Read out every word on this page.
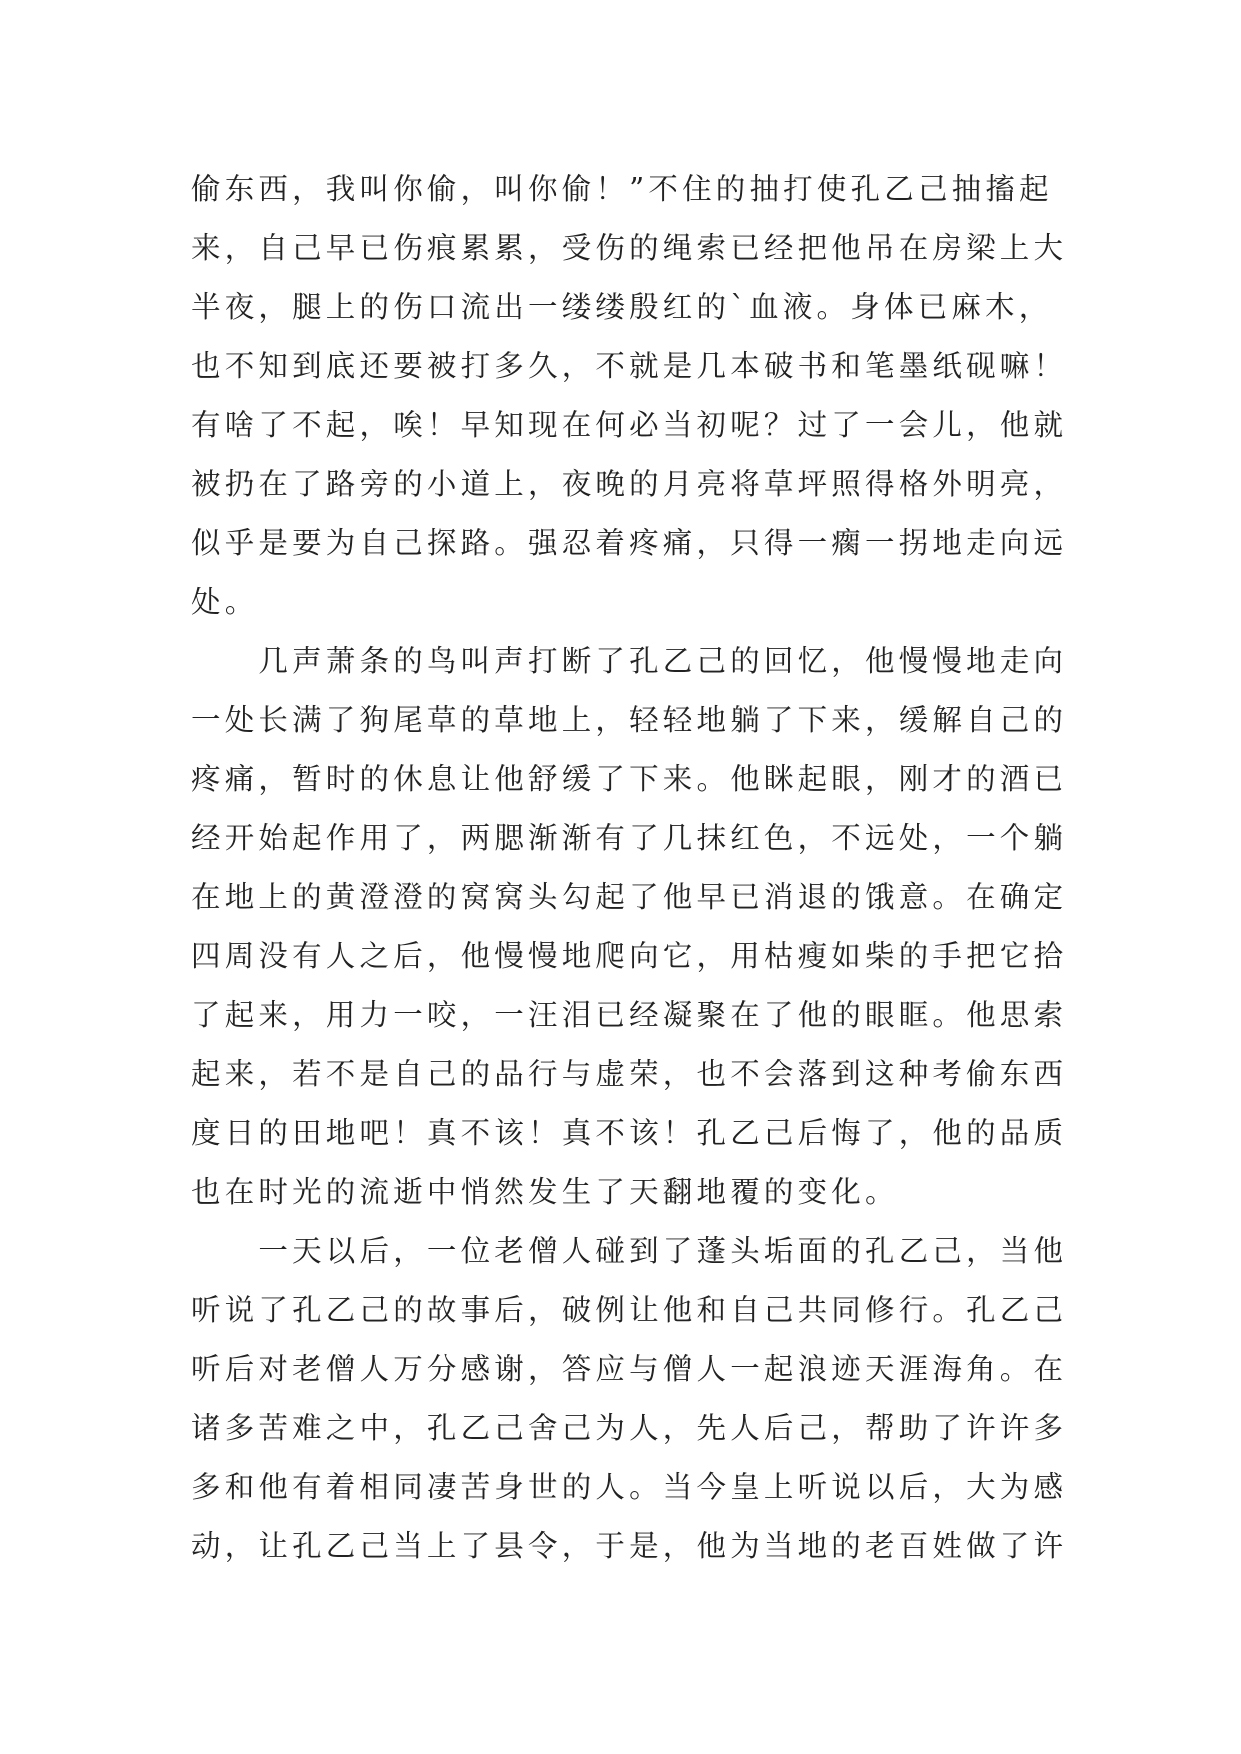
偷东西，我叫你偷，叫你偷！”不住的抽打使孔乙己抽搐起
来，自己早已伤痕累累，受伤的绳索已经把他吊在房梁上大
半夜，腿上的伤口流出一缕缕殷红的`血液。身体已麻木，
也不知到底还要被打多久，不就是几本破书和笔墨纸砚嘛！
有啥了不起，唉！早知现在何必当初呢？过了一会儿，他就
被扔在了路旁的小道上，夜晚的月亮将草坪照得格外明亮，
似乎是要为自己探路。强忍着疼痛，只得一瘸一拐地走向远
处。
　　几声萧条的鸟叫声打断了孔乙己的回忆，他慢慢地走向
一处长满了狗尾草的草地上，轻轻地躺了下来，缓解自己的
疼痛，暂时的休息让他舒缓了下来。他眯起眼，刚才的酒已
经开始起作用了，两腮渐渐有了几抹红色，不远处，一个躺
在地上的黄澄澄的窝窝头勾起了他早已消退的饿意。在确定
四周没有人之后，他慢慢地爬向它，用枯瘦如柴的手把它拾
了起来，用力一咬，一汪泪已经凝聚在了他的眼眶。他思索
起来，若不是自己的品行与虚荣，也不会落到这种考偷东西
度日的田地吧！真不该！真不该！孔乙己后悔了，他的品质
也在时光的流逝中悄然发生了天翻地覆的变化。
　　一天以后，一位老僧人碰到了蓬头垢面的孔乙己，当他
听说了孔乙己的故事后，破例让他和自己共同修行。孔乙己
听后对老僧人万分感谢，答应与僧人一起浪迹天涯海角。在
诸多苦难之中，孔乙己舍己为人，先人后己，帮助了许许多
多和他有着相同凄苦身世的人。当今皇上听说以后，大为感
动，让孔乙己当上了县令，于是，他为当地的老百姓做了许
